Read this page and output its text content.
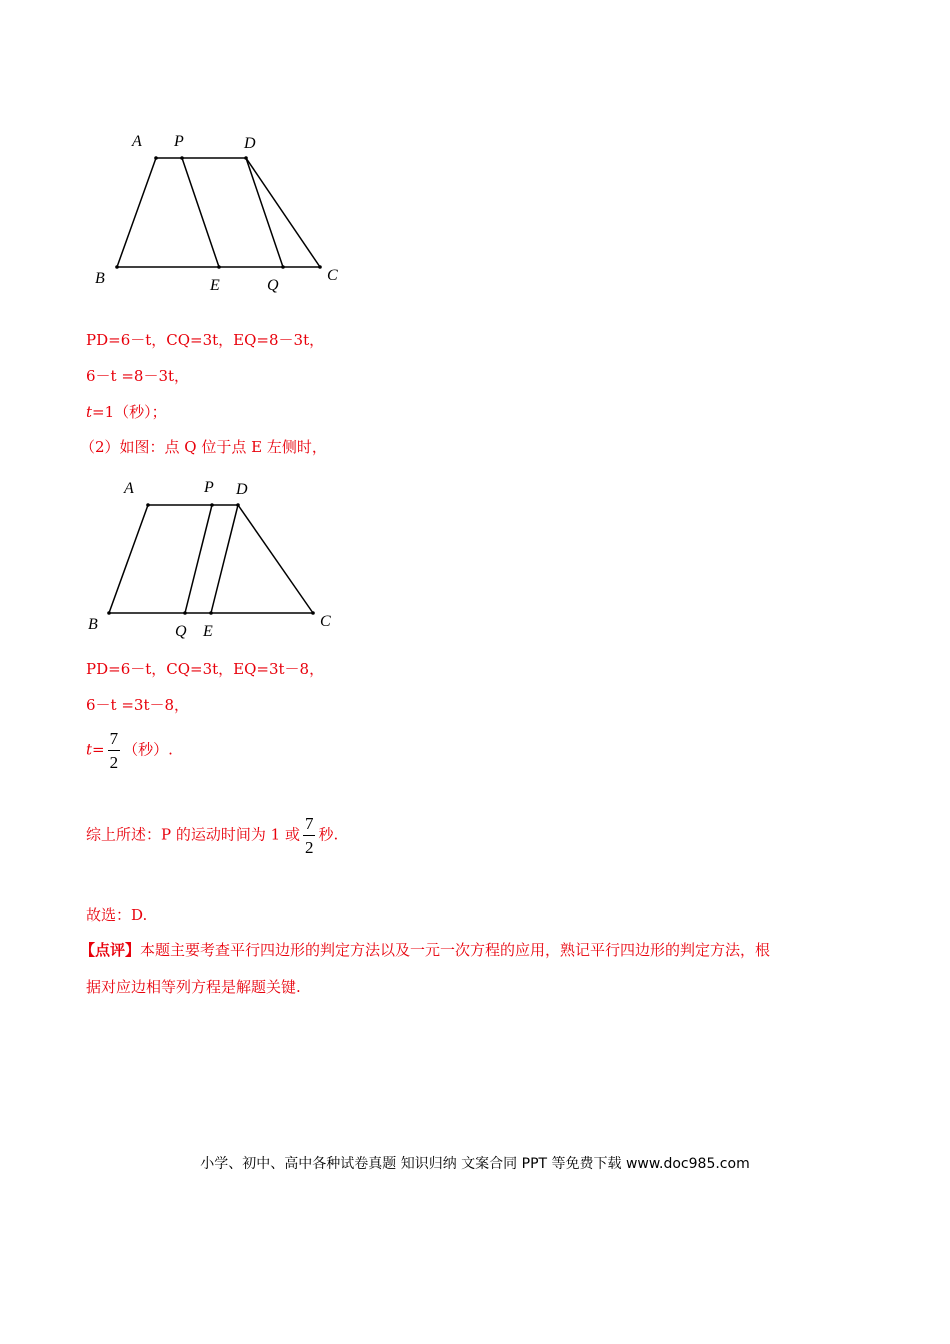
A P	D
B	E	Q
C
PD=6－t，CQ=3t，EQ=8－3t，
6－t =8－3t，
t=1（秒）；
（2）如图：点 Q 位于点 E 左侧时，
A	P D
B	Q E
C
PD=6－t，CQ=3t，EQ=3t－8，
6－t =3t－8，
$t= \frac{7}{2}$ （秒）.
综上所述：P 的运动时间为 1 或 $\frac{7}{2}$ 秒.
故选：D.
【点评】本题主要考查平行四边形的判定方法以及一元一次方程的应用，熟记平行四边形的判定方法，根
据对应边相等列方程是解题关键.
小学、初中、高中各种试卷真题 知识归纳 文案合同 PPT 等免费下载 www.doc985.com
